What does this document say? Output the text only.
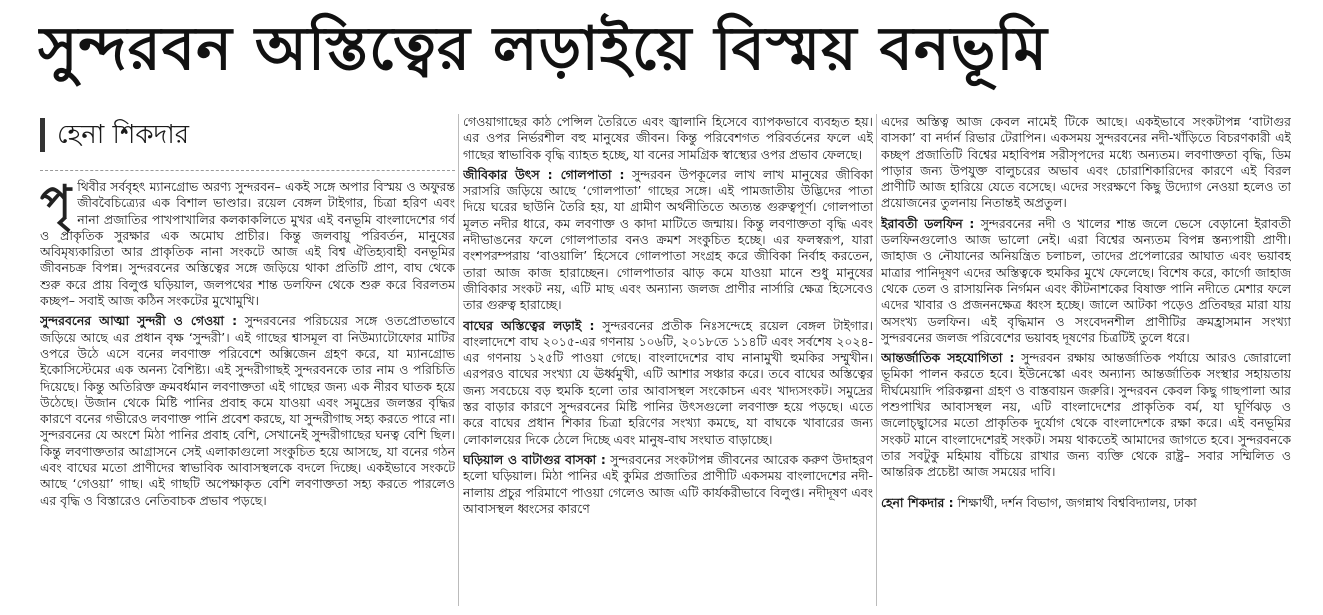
সুন্দরবন অস্তিত্বের লড়াইয়ে বিস্ময় বনভূমি
হেনা শিকদার

পৃথিবীর সর্ববৃহৎ ম্যানগ্রোভ অরণ্য সুন্দরবন– একই সঙ্গে অপার বিস্ময় ও অফুরন্ত জীববৈচিত্র্যের এক বিশাল ভাণ্ডার। রয়েল বেঙ্গল টাইগার, চিত্রা হরিণ এবং নানা প্রজাতির পাখপাখালির কলকাকলিতে মুখর এই বনভূমি বাংলাদেশের গর্ব ও প্রাকৃতিক সুরক্ষার এক অমোঘ প্রাচীর। কিন্তু জলবায়ু পরিবর্তন, মানুষের অবিমৃষ্যকারিতা আর প্রাকৃতিক নানা সংকটে আজ এই বিশ্ব ঐতিহ্যবাহী বনভূমির জীবনচক্র বিপন্ন। সুন্দরবনের অস্তিত্বের সঙ্গে জড়িয়ে থাকা প্রতিটি প্রাণ, বাঘ থেকে শুরু করে প্রায় বিলুপ্ত ঘড়িয়াল, জলপথের শান্ত ডলফিন থেকে শুরু করে বিরলতম কচ্ছপ– সবাই আজ কঠিন সংকটের মুখোমুখি।

সুন্দরবনের আত্মা সুন্দরী ও গেওয়া : সুন্দরবনের পরিচয়ের সঙ্গে ওতপ্রোতভাবে জড়িয়ে আছে এর প্রধান বৃক্ষ ‘সুন্দরী’। এই গাছের শ্বাসমূল বা নিউম্যাটোফোর মাটির ওপরে উঠে এসে বনের লবণাক্ত পরিবেশে অক্সিজেন গ্রহণ করে, যা ম্যানগ্রোভ ইকোসিস্টেমের এক অনন্য বৈশিষ্ট্য। এই সুন্দরীগাছই সুন্দরবনকে তার নাম ও পরিচিতি দিয়েছে। কিন্তু অতিরিক্ত ক্রমবর্ধমান লবণাক্ততা এই গাছের জন্য এক নীরব ঘাতক হয়ে উঠেছে। উজান থেকে মিষ্টি পানির প্রবাহ কমে যাওয়া এবং সমুদ্রের জলস্তর বৃদ্ধির কারণে বনের গভীরেও লবণাক্ত পানি প্রবেশ করছে, যা সুন্দরীগাছ সহ্য করতে পারে না। সুন্দরবনের যে অংশে মিঠা পানির প্রবাহ বেশি, সেখানেই সুন্দরীগাছের ঘনত্ব বেশি ছিল। কিন্তু লবণাক্ততার আগ্রাসনে সেই এলাকাগুলো সংকুচিত হয়ে আসছে, যা বনের গঠন এবং বাঘের মতো প্রাণীদের স্বাভাবিক আবাসস্থলকে বদলে দিচ্ছে। একইভাবে সংকটে আছে ‘গেওয়া’ গাছ। এই গাছটি অপেক্ষাকৃত বেশি লবণাক্ততা সহ্য করতে পারলেও এর বৃদ্ধি ও বিস্তারেও নেতিবাচক প্রভাব পড়ছে।

গেওয়াগাছের কাঠ পেন্সিল তৈরিতে এবং জ্বালানি হিসেবে ব্যাপকভাবে ব্যবহৃত হয়। এর ওপর নির্ভরশীল বহু মানুষের জীবন। কিন্তু পরিবেশগত পরিবর্তনের ফলে এই গাছের স্বাভাবিক বৃদ্ধি ব্যাহত হচ্ছে, যা বনের সামগ্রিক স্বাস্থ্যের ওপর প্রভাব ফেলছে।

জীবিকার উৎস : গোলপাতা : সুন্দরবন উপকূলের লাখ লাখ মানুষের জীবিকা সরাসরি জড়িয়ে আছে ‘গোলপাতা’ গাছের সঙ্গে। এই পামজাতীয় উদ্ভিদের পাতা দিয়ে ঘরের ছাউনি তৈরি হয়, যা গ্রামীণ অর্থনীতিতে অত্যন্ত গুরুত্বপূর্ণ। গোলপাতা মূলত নদীর ধারে, কম লবণাক্ত ও কাদা মাটিতে জন্মায়। কিন্তু লবণাক্ততা বৃদ্ধি এবং নদীভাঙনের ফলে গোলপাতার বনও ক্রমশ সংকুচিত হচ্ছে। এর ফলস্বরূপ, যারা বংশপরম্পরায় ‘বাওয়ালি’ হিসেবে গোলপাতা সংগ্রহ করে জীবিকা নির্বাহ করতেন, তারা আজ কাজ হারাচ্ছেন। গোলপাতার ঝাড় কমে যাওয়া মানে শুধু মানুষের জীবিকার সংকট নয়, এটি মাছ এবং অন্যান্য জলজ প্রাণীর নার্সারি ক্ষেত্র হিসেবেও তার গুরুত্ব হারাচ্ছে।

বাঘের অস্তিত্বের লড়াই : সুন্দরবনের প্রতীক নিঃসন্দেহে রয়েল বেঙ্গল টাইগার। বাংলাদেশে বাঘ ২০১৫-এর গণনায় ১০৬টি, ২০১৮তে ১১৪টি এবং সর্বশেষ ২০২৪-এর গণনায় ১২৫টি পাওয়া গেছে। বাংলাদেশের বাঘ নানামুখী হুমকির সম্মুখীন। এরপরও বাঘের সংখ্যা যে ঊর্ধ্বমুখী, এটি আশার সঞ্চার করে। তবে বাঘের অস্তিত্বের জন্য সবচেয়ে বড় হুমকি হলো তার আবাসস্থল সংকোচন এবং খাদ্যসংকট। সমুদ্রের স্তর বাড়ার কারণে সুন্দরবনের মিষ্টি পানির উৎসগুলো লবণাক্ত হয়ে পড়ছে। এতে করে বাঘের প্রধান শিকার চিত্রা হরিণের সংখ্যা কমছে, যা বাঘকে খাবারের জন্য লোকালয়ের দিকে ঠেলে দিচ্ছে এবং মানুষ-বাঘ সংঘাত বাড়াচ্ছে।

ঘড়িয়াল ও বাটাগুর বাসকা : সুন্দরবনের সংকটাপন্ন জীবনের আরেক করুণ উদাহরণ হলো ঘড়িয়াল। মিঠা পানির এই কুমির প্রজাতির প্রাণীটি একসময় বাংলাদেশের নদী-নালায় প্রচুর পরিমাণে পাওয়া গেলেও আজ এটি কার্যকরীভাবে বিলুপ্ত। নদীদূষণ এবং আবাসস্থল ধ্বংসের কারণে

এদের অস্তিত্ব আজ কেবল নামেই টিকে আছে। একইভাবে সংকটাপন্ন ‘বাটাগুর বাসকা’ বা নর্দার্ন রিভার টেরাপিন। একসময় সুন্দরবনের নদী-খাঁড়িতে বিচরণকারী এই কচ্ছপ প্রজাতিটি বিশ্বের মহাবিপন্ন সরীসৃপদের মধ্যে অন্যতম। লবণাক্ততা বৃদ্ধি, ডিম পাড়ার জন্য উপযুক্ত বালুচরের অভাব এবং চোরাশিকারিদের কারণে এই বিরল প্রাণীটি আজ হারিয়ে যেতে বসেছে। এদের সংরক্ষণে কিছু উদ্যোগ নেওয়া হলেও তা প্রয়োজনের তুলনায় নিতান্তই অপ্রতুল।

ইরাবতী ডলফিন : সুন্দরবনের নদী ও খালের শান্ত জলে ভেসে বেড়ানো ইরাবতী ডলফিনগুলোও আজ ভালো নেই। এরা বিশ্বের অন্যতম বিপন্ন স্তন্যপায়ী প্রাণী। জাহাজ ও নৌযানের অনিয়ন্ত্রিত চলাচল, তাদের প্রপেলারের আঘাত এবং ভয়াবহ মাত্রার পানিদূষণ এদের অস্তিত্বকে হুমকির মুখে ফেলেছে। বিশেষ করে, কার্গো জাহাজ থেকে তেল ও রাসায়নিক নির্গমন এবং কীটনাশকের বিষাক্ত পানি নদীতে মেশার ফলে এদের খাবার ও প্রজননক্ষেত্র ধ্বংস হচ্ছে। জালে আটকা পড়েও প্রতিবছর মারা যায় অসংখ্য ডলফিন। এই বৃদ্ধিমান ও সংবেদনশীল প্রাণীটির ক্রমহ্রাসমান সংখ্যা সুন্দরবনের জলজ পরিবেশের ভয়াবহ দূষণের চিত্রটিই তুলে ধরে।

আন্তর্জাতিক সহযোগিতা : সুন্দরবন রক্ষায় আন্তর্জাতিক পর্যায়ে আরও জোরালো ভূমিকা পালন করতে হবে। ইউনেস্কো এবং অন্যান্য আন্তর্জাতিক সংস্থার সহায়তায় দীর্ঘমেয়াদি পরিকল্পনা গ্রহণ ও বাস্তবায়ন জরুরি। সুন্দরবন কেবল কিছু গাছপালা আর পশুপাখির আবাসস্থল নয়, এটি বাংলাদেশের প্রাকৃতিক বর্ম, যা ঘূর্ণিঝড় ও জলোচ্ছ্বাসের মতো প্রাকৃতিক দুর্যোগ থেকে বাংলাদেশকে রক্ষা করে। এই বনভূমির সংকট মানে বাংলাদেশেরই সংকট। সময় থাকতেই আমাদের জাগতে হবে। সুন্দরবনকে তার সবটুকু মহিমায় বাঁচিয়ে রাখার জন্য ব্যক্তি থেকে রাষ্ট্র– সবার সম্মিলিত ও আন্তরিক প্রচেষ্টা আজ সময়ের দাবি।

হেনা শিকদার : শিক্ষার্থী, দর্শন বিভাগ, জগন্নাথ বিশ্ববিদ্যালয়, ঢাকা
